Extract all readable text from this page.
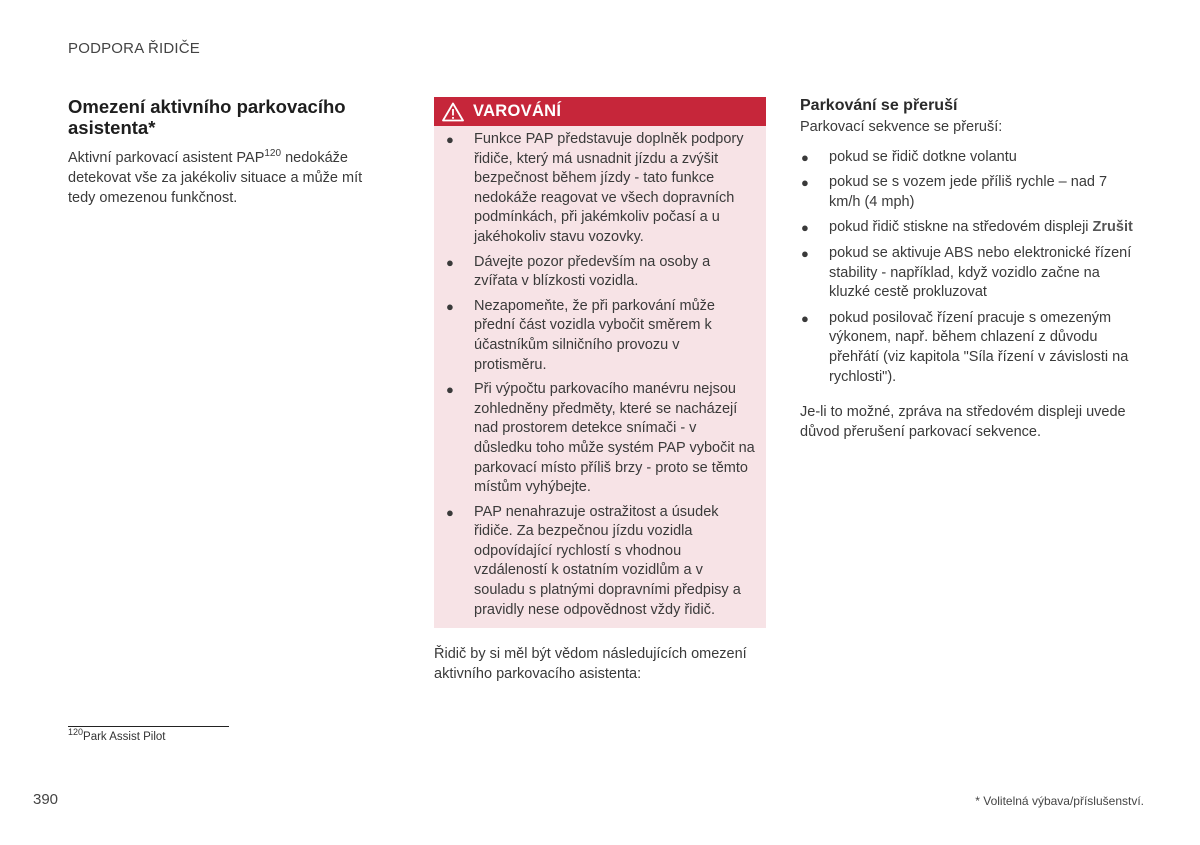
PODPORA ŘIDIČE
Omezení aktivního parkovacího asistenta*

Aktivní parkovací asistent PAP$^{120}$ nedokáže detekovat vše za jakékoliv situace a může mít tedy omezenou funkčnost.

VAROVÁNÍ
● Funkce PAP představuje doplněk podpory řidiče, který má usnadnit jízdu a zvýšit bezpečnost během jízdy - tato funkce nedokáže reagovat ve všech dopravních podmínkách, při jakémkoliv počasí a u jakéhokoliv stavu vozovky.
● Dávejte pozor především na osoby a zvířata v blízkosti vozidla.
● Nezapomeňte, že při parkování může přední část vozidla vybočit směrem k účastníkům silničního provozu v protisměru.
● Při výpočtu parkovacího manévru nejsou zohledněny předměty, které se nacházejí nad prostorem detekce snímači - v důsledku toho může systém PAP vybočit na parkovací místo příliš brzy - proto se těmto místům vyhýbejte.
● PAP nenahrazuje ostražitost a úsudek řidiče. Za bezpečnou jízdu vozidla odpovídající rychlostí s vhodnou vzdáleností k ostatním vozidlům a v souladu s platnými dopravními předpisy a pravidly nese odpovědnost vždy řidič.

Řidič by si měl být vědom následujících omezení aktivního parkovacího asistenta:

Parkování se přeruší

Parkovací sekvence se přeruší:

● pokud se řidič dotkne volantu
● pokud se s vozem jede příliš rychle – nad 7 km/h (4 mph)
● pokud řidič stiskne na středovém displeji Zrušit
● pokud se aktivuje ABS nebo elektronické řízení stability - například, když vozidlo začne na kluzké cestě prokluzovat
● pokud posilovač řízení pracuje s omezeným výkonem, např. během chlazení z důvodu přehřátí (viz kapitola "Síla řízení v závislosti na rychlosti").

Je-li to možné, zpráva na středovém displeji uvede důvod přerušení parkovací sekvence.

$^{120}$Park Assist Pilot
390	* Volitelná výbava/příslušenství.
